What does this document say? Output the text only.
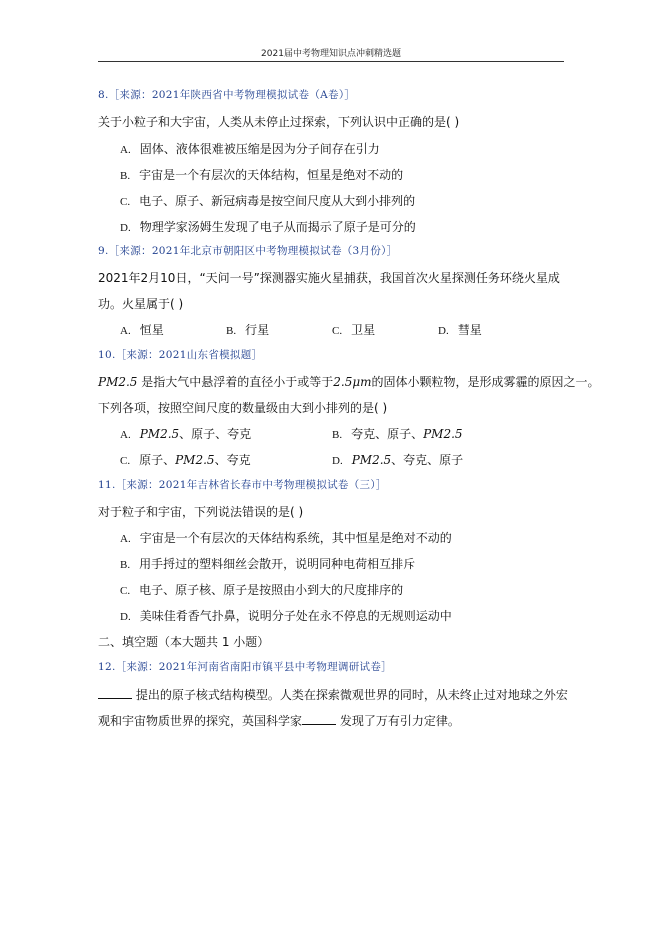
2021届中考物理知识点冲刺精选题
8.［来源：2021年陕西省中考物理模拟试卷（A卷）］
关于小粒子和大宇宙，人类从未停止过探索，下列认识中正确的是( )
A. 固体、液体很难被压缩是因为分子间存在引力
B. 宇宙是一个有层次的天体结构，恒星是绝对不动的
C. 电子、原子、新冠病毒是按空间尺度从大到小排列的
D. 物理学家汤姆生发现了电子从而揭示了原子是可分的
9.［来源：2021年北京市朝阳区中考物理模拟试卷（3月份）］
2021年2月10日，“天问一号”探测器实施火星捕获，我国首次火星探测任务环绕火星成
功。火星属于( )
A. 恒星	B. 行星	C. 卫星	D. 彗星
10.［来源：2021山东省模拟题］
PM2.5 是指大气中悬浮着的直径小于或等于2.5μm的固体小颗粒物，是形成雾霾的原因之一。
下列各项，按照空间尺度的数量级由大到小排列的是( )
A. PM2.5、原子、夸克	B. 夸克、原子、PM2.5
C. 原子、PM2.5、夸克	D. PM2.5、夸克、原子
11.［来源：2021年吉林省长春市中考物理模拟试卷（三）］
对于粒子和宇宙，下列说法错误的是( )
A. 宇宙是一个有层次的天体结构系统，其中恒星是绝对不动的
B. 用手捋过的塑料细丝会散开，说明同种电荷相互排斥
C. 电子、原子核、原子是按照由小到大的尺度排序的
D. 美味佳肴香气扑鼻，说明分子处在永不停息的无规则运动中
二、填空题（本大题共 1 小题）
12.［来源：2021年河南省南阳市镇平县中考物理调研试卷］
提出的原子核式结构模型。人类在探索微观世界的同时，从未终止过对地球之外宏
观和宇宙物质世界的探究，英国科学家	发现了万有引力定律。
